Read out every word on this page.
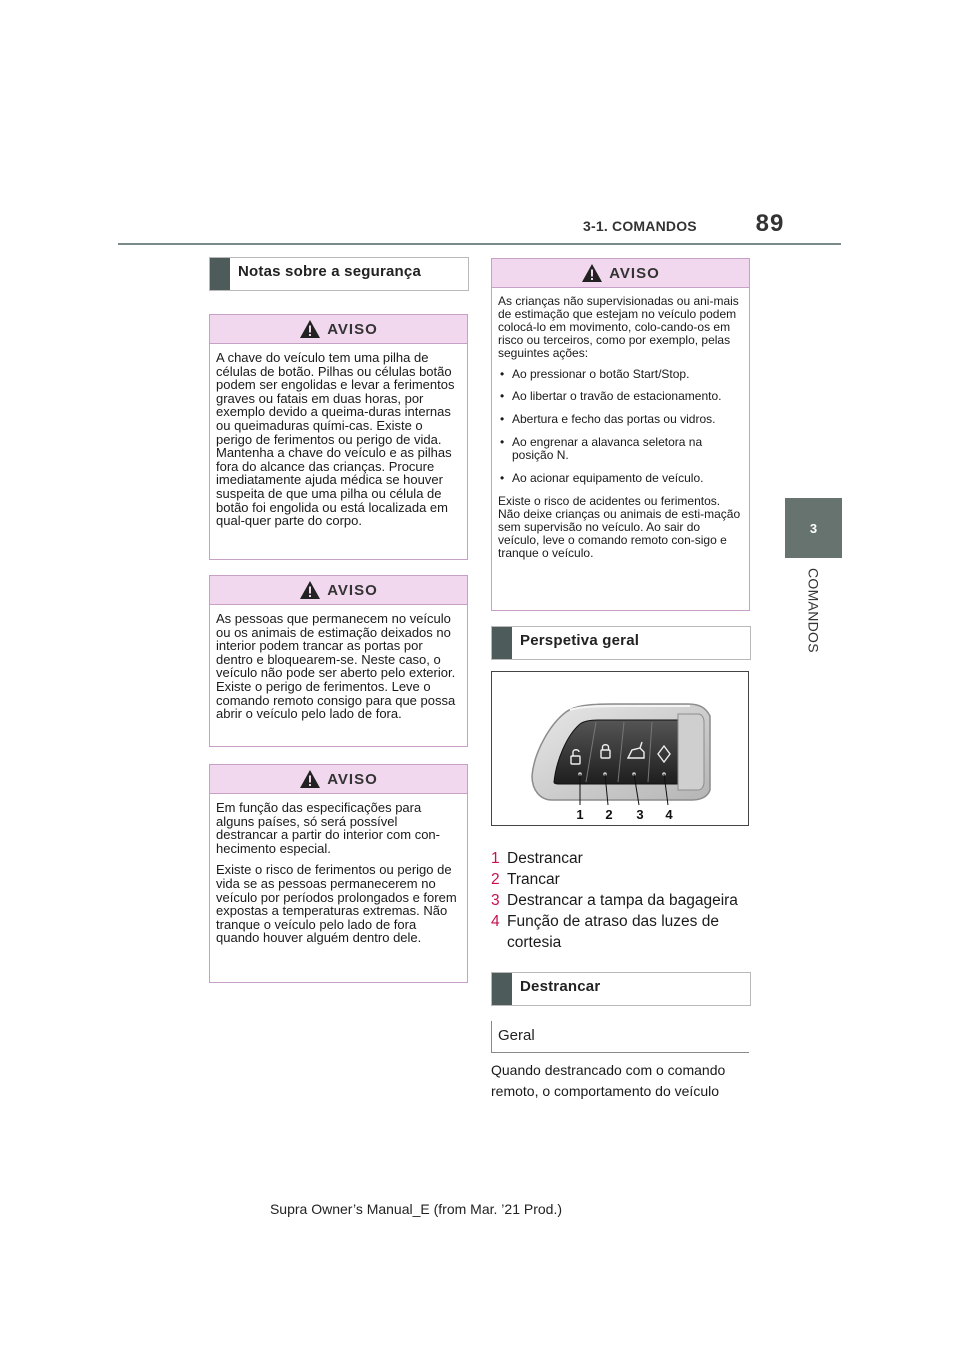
3-1. COMANDOS	89
3
COMANDOS
Notas sobre a segurança
AVISO

A chave do veículo tem uma pilha de células de botão. Pilhas ou células botão podem ser engolidas e levar a ferimentos graves ou fatais em duas horas, por exemplo devido a queima-duras internas ou queimaduras quími-cas. Existe o perigo de ferimentos ou perigo de vida. Mantenha a chave do veículo e as pilhas fora do alcance das crianças. Procure imediatamente ajuda médica se houver suspeita de que uma pilha ou célula de botão foi engolida ou está localizada em qual-quer parte do corpo.

AVISO

As pessoas que permanecem no veículo ou os animais de estimação deixados no interior podem trancar as portas por dentro e bloquearem-se. Neste caso, o veículo não pode ser aberto pelo exterior. Existe o perigo de ferimentos. Leve o comando remoto consigo para que possa abrir o veículo pelo lado de fora.

AVISO

Em função das especificações para alguns países, só será possível destrancar a partir do interior com con-hecimento especial.

Existe o risco de ferimentos ou perigo de vida se as pessoas permanecerem no veículo por períodos prolongados e forem expostas a temperaturas extremas. Não tranque o veículo pelo lado de fora quando houver alguém dentro dele.

AVISO

As crianças não supervisionadas ou ani-mais de estimação que estejam no veículo podem colocá-lo em movimento, colo-cando-os em risco ou terceiros, como por exemplo, pelas seguintes ações:

• Ao pressionar o botão Start/Stop.
• Ao libertar o travão de estacionamento.
• Abertura e fecho das portas ou vidros.
• Ao engrenar a alavanca seletora na posição N.
• Ao acionar equipamento de veículo.

Existe o risco de acidentes ou ferimentos. Não deixe crianças ou animais de esti-mação sem supervisão no veículo. Ao sair do veículo, leve o comando remoto con-sigo e tranque o veículo.

Perspetiva geral
1 2 3 4
1 Destrancar
2 Trancar
3 Destrancar a tampa da bagageira
4 Função de atraso das luzes de cortesia
Destrancar
Geral
Quando destrancado com o comando remoto, o comportamento do veículo
Supra Owner’s Manual_E (from Mar. ’21 Prod.)
